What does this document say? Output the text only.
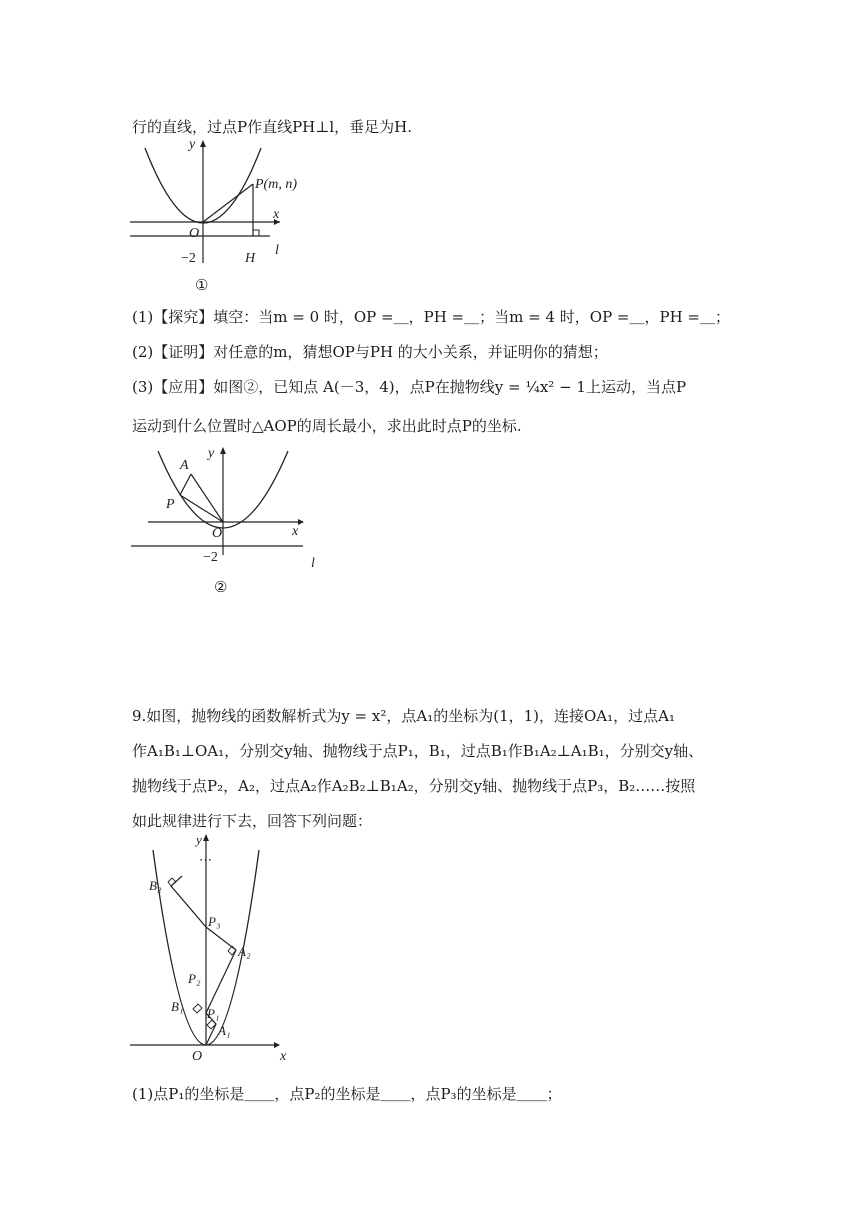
行的直线，过点P作直线PH⊥l，垂足为H.
y
x
O
P(m, n)
−2	H
l
①
(1)【探究】填空：当m = 0 时，OP =＿，PH =＿；当m = 4 时，OP =＿，PH =＿；
(2)【证明】对任意的m，猜想OP与PH 的大小关系，并证明你的猜想；
(3)【应用】如图②，已知点 A(－3，4)，点P在抛物线y = ¼x² − 1上运动，当点P
运动到什么位置时△AOP的周长最小，求出此时点P的坐标.
A
P
O
y
x
−2	l
②
9.如图，抛物线的函数解析式为y = x²，点A₁的坐标为(1，1)，连接OA₁，过点A₁
作A₁B₁⊥OA₁，分别交y轴、抛物线于点P₁，B₁，过点B₁作B₁A₂⊥A₁B₁，分别交y轴、
抛物线于点P₂，A₂，过点A₂作A₂B₂⊥B₁A₂，分别交y轴、抛物线于点P₃，B₂……按照
如此规律进行下去，回答下列问题：
y
⋯
B₂
P₃
A₂
P₂
B₁ P₁
A₁
O	x
(1)点P₁的坐标是＿＿，点P₂的坐标是＿＿，点P₃的坐标是＿＿；
